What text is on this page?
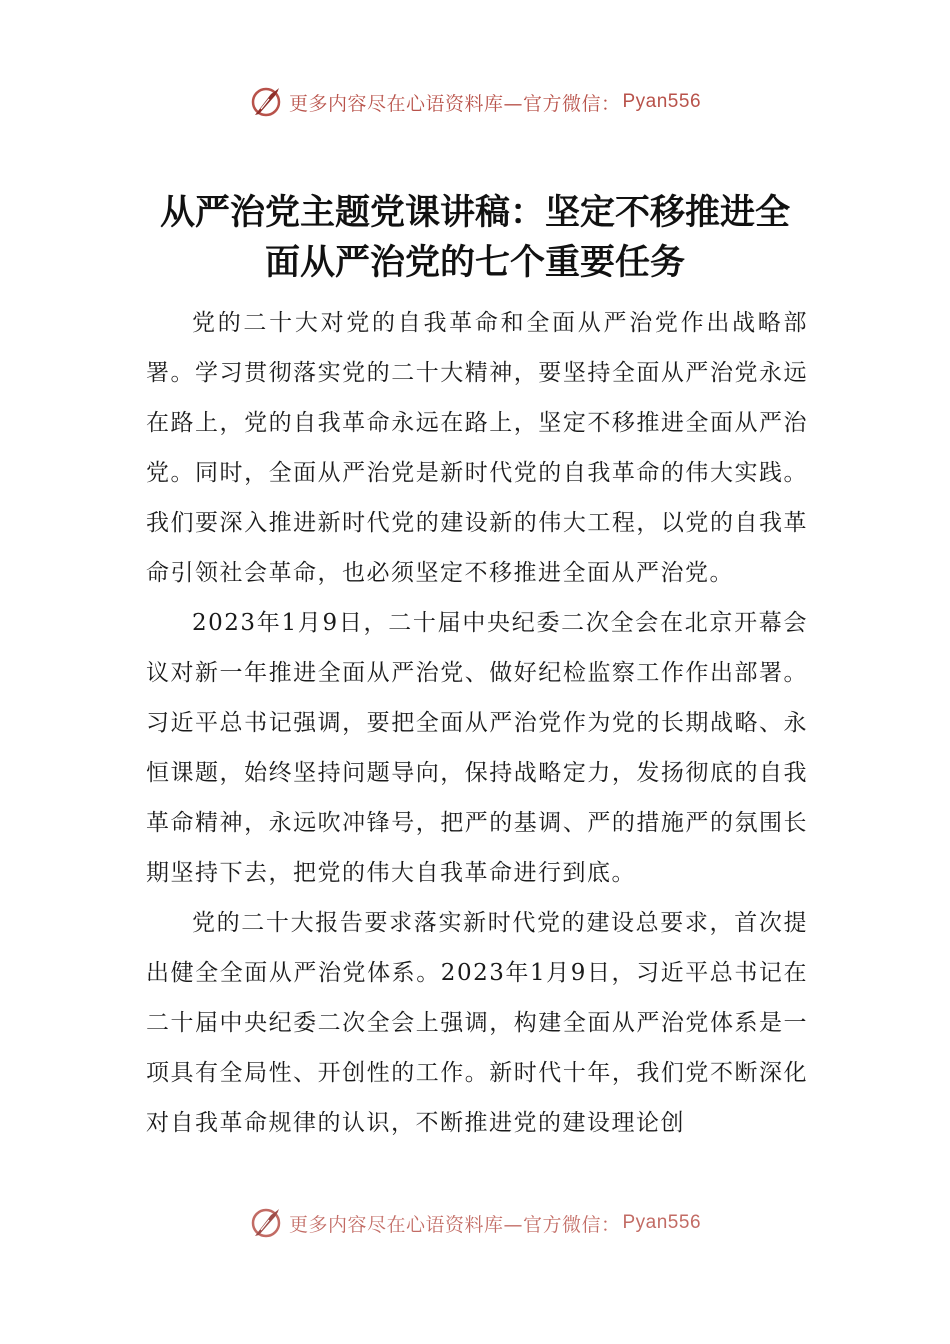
更多内容尽在心语资料库—官方微信： Pyan556
从严治党主题党课讲稿：坚定不移推进全
面从严治党的七个重要任务

党的二十大对党的自我革命和全面从严治党作出战略部署。学习贯彻落实党的二十大精神，要坚持全面从严治党永远在路上，党的自我革命永远在路上，坚定不移推进全面从严治党。同时，全面从严治党是新时代党的自我革命的伟大实践。我们要深入推进新时代党的建设新的伟大工程，以党的自我革命引领社会革命，也必须坚定不移推进全面从严治党。

2023年1月9日，二十届中央纪委二次全会在北京开幕会议对新一年推进全面从严治党、做好纪检监察工作作出部署。习近平总书记强调，要把全面从严治党作为党的长期战略、永恒课题，始终坚持问题导向，保持战略定力，发扬彻底的自我革命精神，永远吹冲锋号，把严的基调、严的措施严的氛围长期坚持下去，把党的伟大自我革命进行到底。

党的二十大报告要求落实新时代党的建设总要求，首次提出健全全面从严治党体系。2023年1月9日，习近平总书记在二十届中央纪委二次全会上强调，构建全面从严治党体系是一项具有全局性、开创性的工作。新时代十年，我们党不断深化对自我革命规律的认识，不断推进党的建设理论创

更多内容尽在心语资料库—官方微信： Pyan556
